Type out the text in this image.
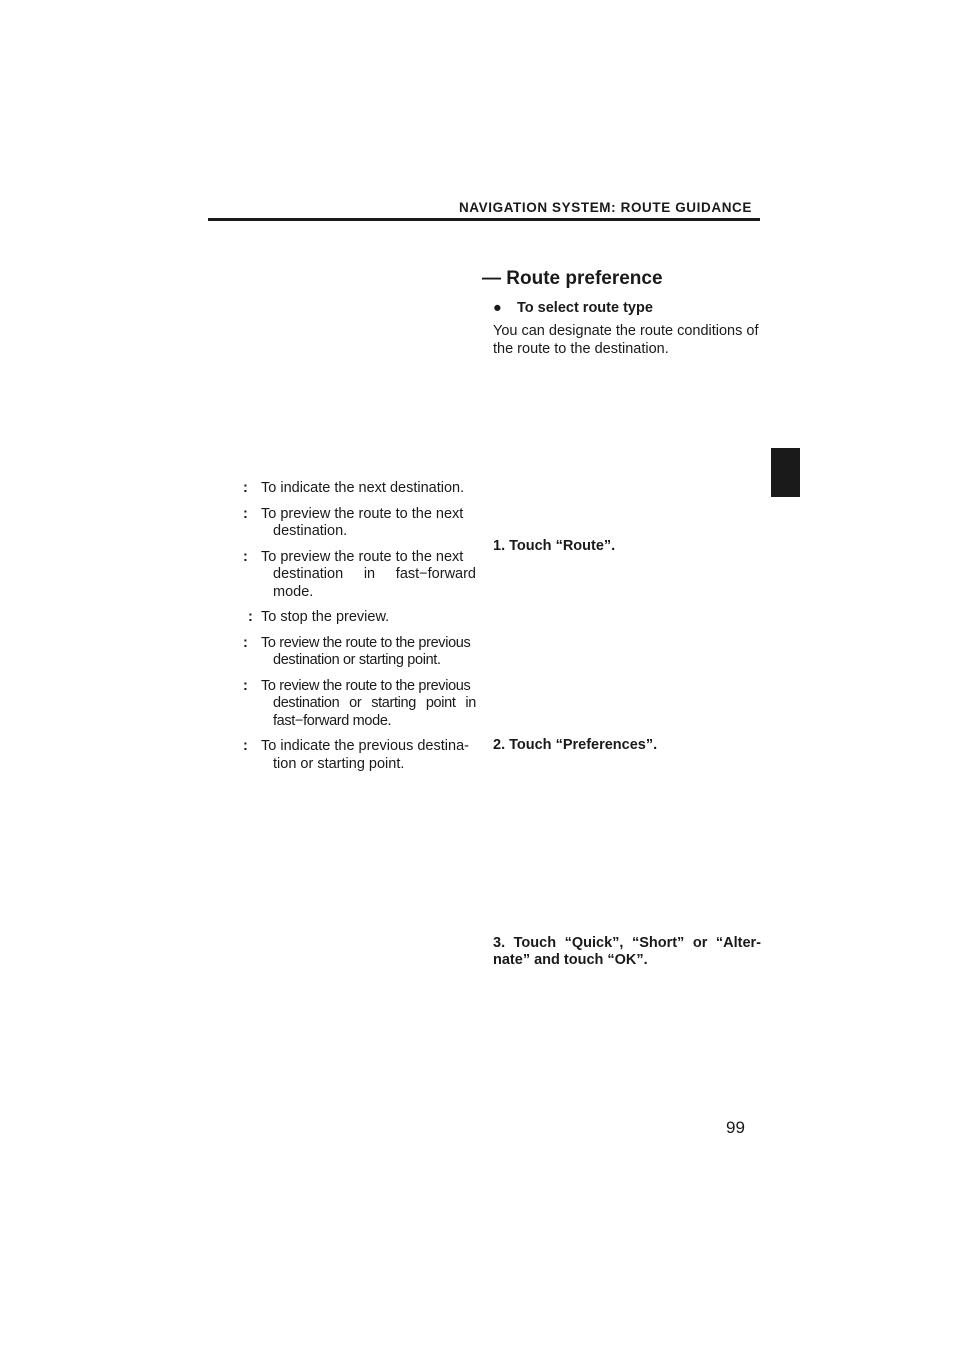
NAVIGATION SYSTEM: ROUTE GUIDANCE
— Route preference
● To select route type
You can designate the route conditions of the route to the destination.
1. Touch “Route”.
2. Touch “Preferences”.
3. Touch “Quick”, “Short” or “Alter- nate” and touch “OK”.
: To indicate the next destination.
: To preview the route to the next
destination.
: To preview the route to the next
destination in fast−forward mode.
: To stop the preview.
: To review the route to the previous
destination or starting point.
: To review the route to the previous
destination or starting point in fast−forward mode.
: To indicate the previous destina-
tion or starting point.
99
